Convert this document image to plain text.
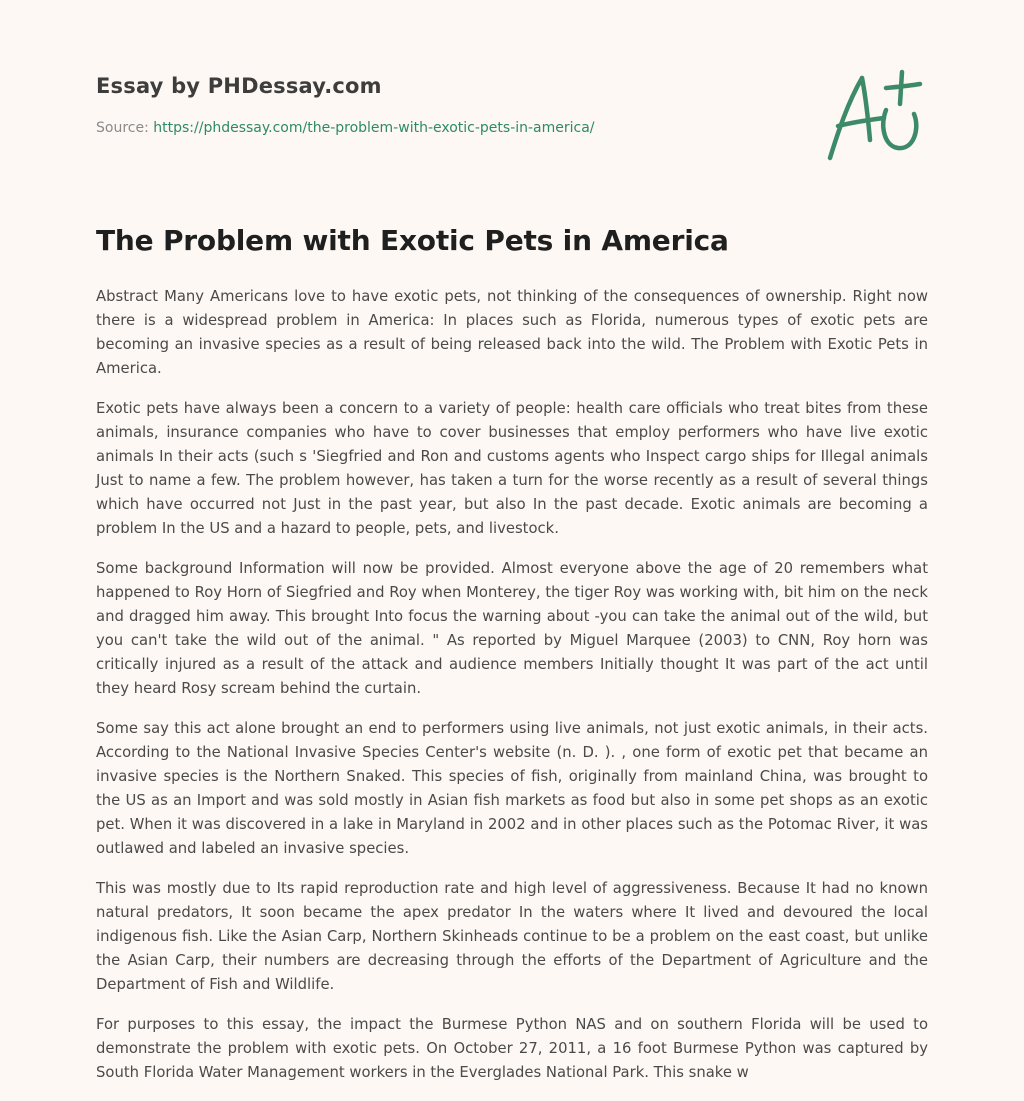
Essay by PHDessay.com
Source: https://phdessay.com/the-problem-with-exotic-pets-in-america/
The Problem with Exotic Pets in America

Abstract Many Americans love to have exotic pets, not thinking of the consequences of ownership. Right now there is a widespread problem in America: In places such as Florida, numerous types of exotic pets are becoming an invasive species as a result of being released back into the wild. The Problem with Exotic Pets in America.

Exotic pets have always been a concern to a variety of people: health care officials who treat bites from these animals, insurance companies who have to cover businesses that employ performers who have live exotic animals In their acts (such s 'Siegfried and Ron and customs agents who Inspect cargo ships for Illegal animals Just to name a few. The problem however, has taken a turn for the worse recently as a result of several things which have occurred not Just in the past year, but also In the past decade. Exotic animals are becoming a problem In the US and a hazard to people, pets, and livestock.

Some background Information will now be provided. Almost everyone above the age of 20 remembers what happened to Roy Horn of Siegfried and Roy when Monterey, the tiger Roy was working with, bit him on the neck and dragged him away. This brought Into focus the warning about -you can take the animal out of the wild, but you can't take the wild out of the animal. " As reported by Miguel Marquee (2003) to CNN, Roy horn was critically injured as a result of the attack and audience members Initially thought It was part of the act until they heard Rosy scream behind the curtain.

Some say this act alone brought an end to performers using live animals, not just exotic animals, in their acts. According to the National Invasive Species Center's website (n. D. ). , one form of exotic pet that became an invasive species is the Northern Snaked. This species of fish, originally from mainland China, was brought to the US as an Import and was sold mostly in Asian fish markets as food but also in some pet shops as an exotic pet. When it was discovered in a lake in Maryland in 2002 and in other places such as the Potomac River, it was outlawed and labeled an invasive species.

This was mostly due to Its rapid reproduction rate and high level of aggressiveness. Because It had no known natural predators, It soon became the apex predator In the waters where It lived and devoured the local indigenous fish. Like the Asian Carp, Northern Skinheads continue to be a problem on the east coast, but unlike the Asian Carp, their numbers are decreasing through the efforts of the Department of Agriculture and the Department of Fish and Wildlife.

For purposes to this essay, the impact the Burmese Python NAS and on southern Florida will be used to demonstrate the problem with exotic pets. On October 27, 2011, a 16 foot Burmese Python was captured by South Florida Water Management workers in the Everglades National Park. This snake w
